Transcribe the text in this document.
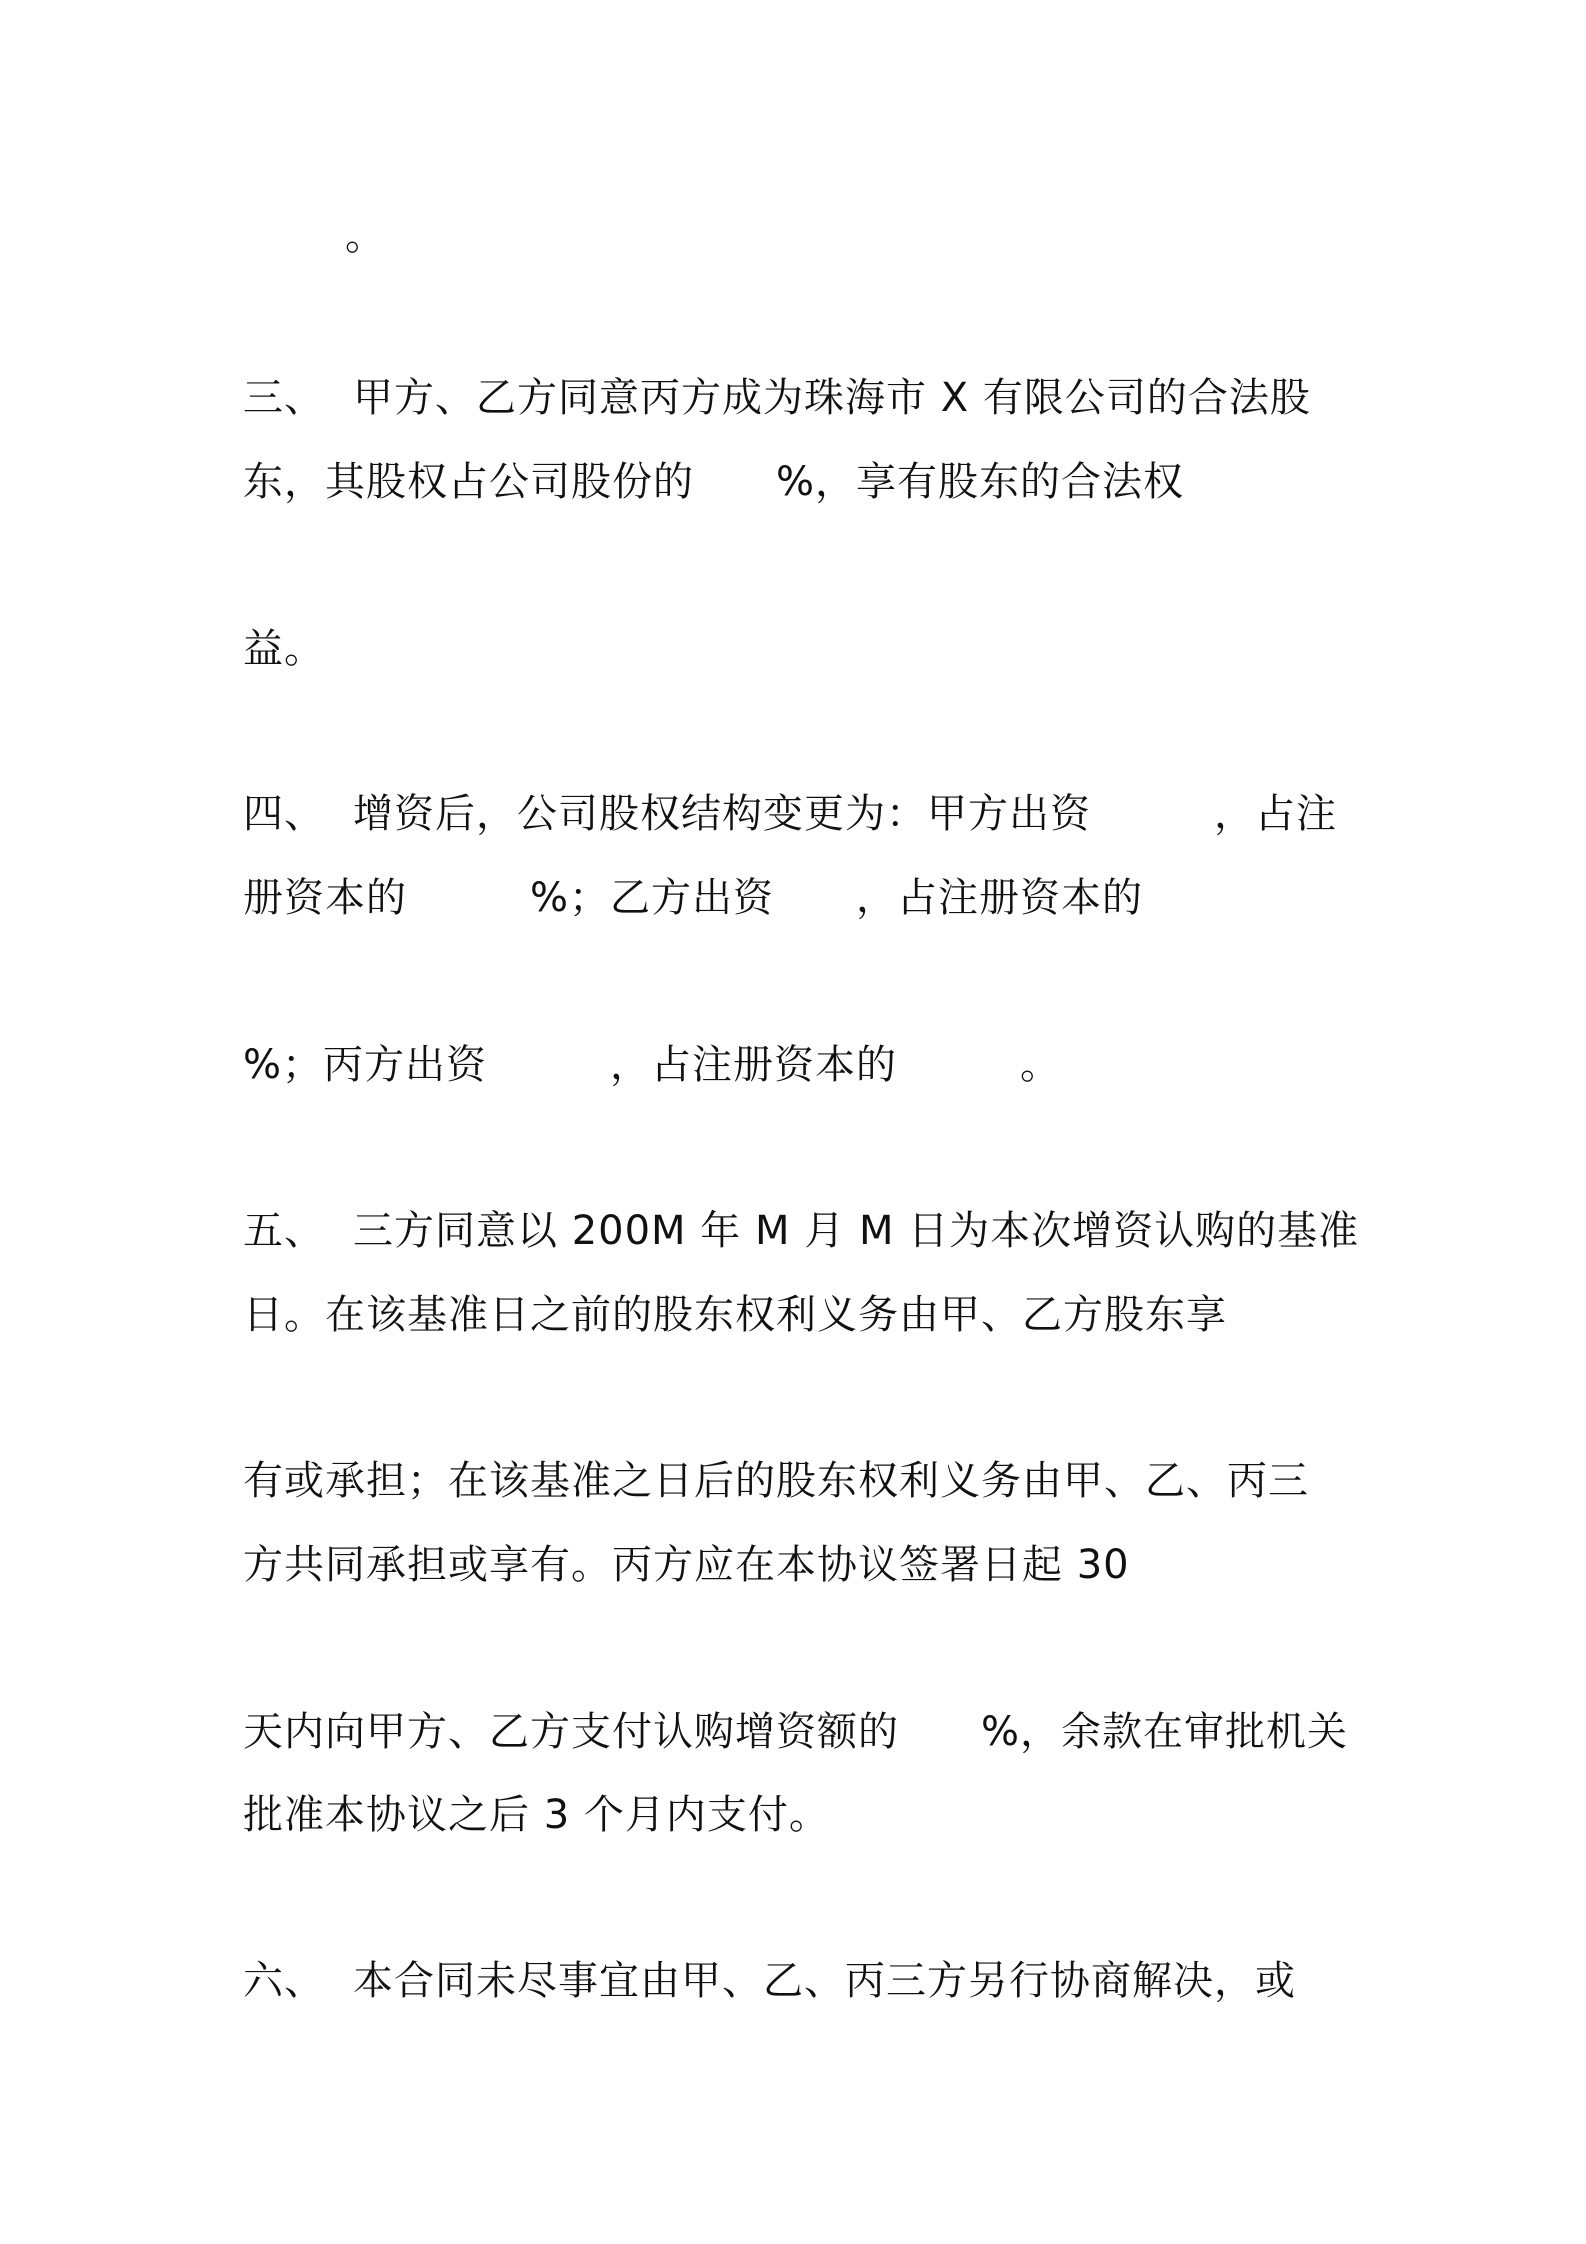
。
三、 甲方、乙方同意丙方成为珠海市 X 有限公司的合法股
东，其股权占公司股份的　　%，享有股东的合法权
益。
四、 增资后，公司股权结构变更为：甲方出资　　　，占注
册资本的　　　%；乙方出资　　，占注册资本的
%；丙方出资　　　，占注册资本的　　　。
五、 三方同意以 200M 年 M 月 M 日为本次增资认购的基准
日。在该基准日之前的股东权利义务由甲、乙方股东享
有或承担；在该基准之日后的股东权利义务由甲、乙、丙三
方共同承担或享有。丙方应在本协议签署日起 30
天内向甲方、乙方支付认购增资额的　　%，余款在审批机关
批准本协议之后 3 个月内支付。
六、 本合同未尽事宜由甲、乙、丙三方另行协商解决，或
